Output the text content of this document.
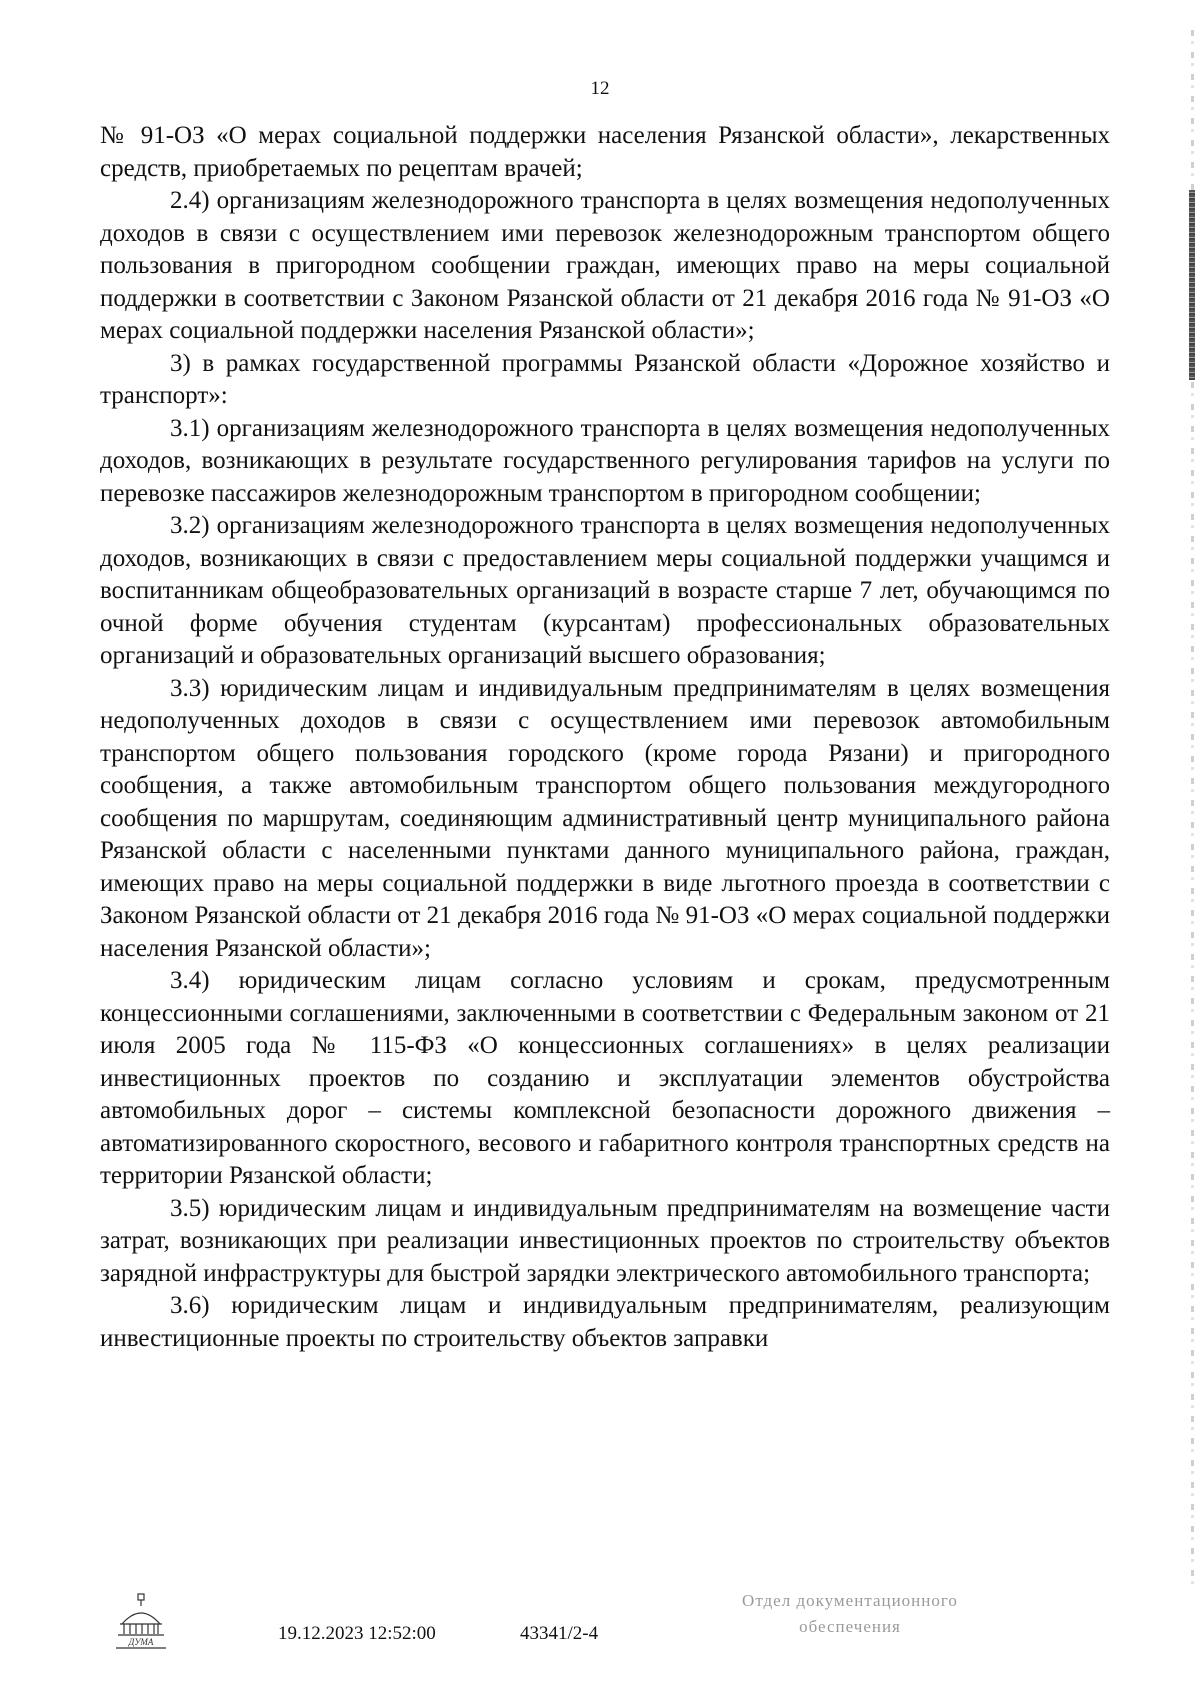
12

№ 91-ОЗ «О мерах социальной поддержки населения Рязанской области», лекарственных средств, приобретаемых по рецептам врачей;

2.4) организациям железнодорожного транспорта в целях возмещения недополученных доходов в связи с осуществлением ими перевозок железнодорожным транспортом общего пользования в пригородном сообщении граждан, имеющих право на меры социальной поддержки в соответствии с Законом Рязанской области от 21 декабря 2016 года № 91-ОЗ «О мерах социальной поддержки населения Рязанской области»;

3) в рамках государственной программы Рязанской области «Дорожное хозяйство и транспорт»:

3.1) организациям железнодорожного транспорта в целях возмещения недополученных доходов, возникающих в результате государственного регулирования тарифов на услуги по перевозке пассажиров железнодорожным транспортом в пригородном сообщении;

3.2) организациям железнодорожного транспорта в целях возмещения недополученных доходов, возникающих в связи с предоставлением меры социальной поддержки учащимся и воспитанникам общеобразовательных организаций в возрасте старше 7 лет, обучающимся по очной форме обучения студентам (курсантам) профессиональных образовательных организаций и образовательных организаций высшего образования;

3.3) юридическим лицам и индивидуальным предпринимателям в целях возмещения недополученных доходов в связи с осуществлением ими перевозок автомобильным транспортом общего пользования городского (кроме города Рязани) и пригородного сообщения, а также автомобильным транспортом общего пользования междугородного сообщения по маршрутам, соединяющим административный центр муниципального района Рязанской области с населенными пунктами данного муниципального района, граждан, имеющих право на меры социальной поддержки в виде льготного проезда в соответствии с Законом Рязанской области от 21 декабря 2016 года № 91-ОЗ «О мерах социальной поддержки населения Рязанской области»;

3.4) юридическим лицам согласно условиям и срокам, предусмотренным концессионными соглашениями, заключенными в соответствии с Федеральным законом от 21 июля 2005 года № 115-ФЗ «О концессионных соглашениях» в целях реализации инвестиционных проектов по созданию и эксплуатации элементов обустройства автомобильных дорог – системы комплексной безопасности дорожного движения – автоматизированного скоростного, весового и габаритного контроля транспортных средств на территории Рязанской области;

3.5) юридическим лицам и индивидуальным предпринимателям на возмещение части затрат, возникающих при реализации инвестиционных проектов по строительству объектов зарядной инфраструктуры для быстрой зарядки электрического автомобильного транспорта;

3.6) юридическим лицам и индивидуальным предпринимателям, реализующим инвестиционные проекты по строительству объектов заправки

ДУМА	19.12.2023 12:52:00	43341/2-4
Отдел документационного
обеспечения
